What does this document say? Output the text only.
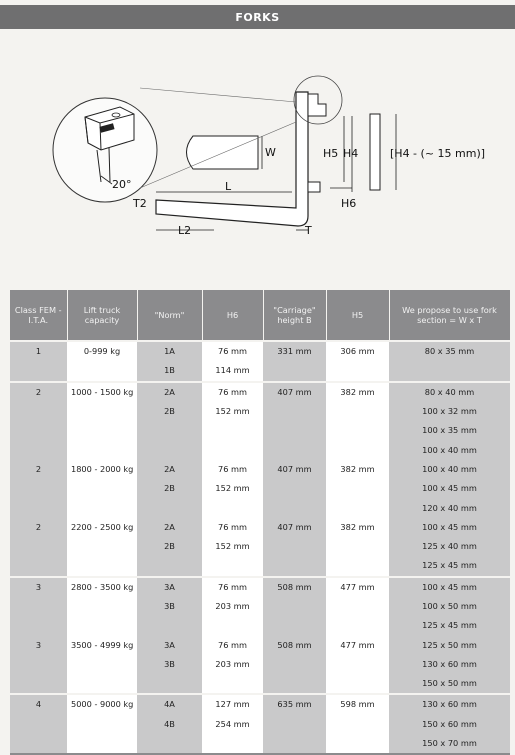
FORKS
20°
W
L
T2
L2	T
H5 H4
H6
[H4 - (~ 15 mm)]
Class FEM - I.T.A.	Lift truck capacity	"Norm"	H6	"Carriage" height B	H5	We propose to use fork section = W x T
1	0-999 kg	1A	76 mm	331 mm	306 mm	80 x 35 mm
		1B	114 mm			
2	1000 - 1500 kg	2A	76 mm	407 mm	382 mm	80 x 40 mm
		2B	152 mm			100 x 32 mm
						100 x 35 mm
						100 x 40 mm
2	1800 - 2000 kg	2A	76 mm	407 mm	382 mm	100 x 40 mm
		2B	152 mm			100 x 45 mm
						120 x 40 mm
2	2200 - 2500 kg	2A	76 mm	407 mm	382 mm	100 x 45 mm
		2B	152 mm			125 x 40 mm
						125 x 45 mm
3	2800 - 3500 kg	3A	76 mm	508 mm	477 mm	100 x 45 mm
		3B	203 mm			100 x 50 mm
						125 x 45 mm
3	3500 - 4999 kg	3A	76 mm	508 mm	477 mm	125 x 50 mm
		3B	203 mm			130 x 60 mm
						150 x 50 mm
4	5000 - 9000 kg	4A	127 mm	635 mm	598 mm	130 x 60 mm
		4B	254 mm			150 x 60 mm
						150 x 70 mm
